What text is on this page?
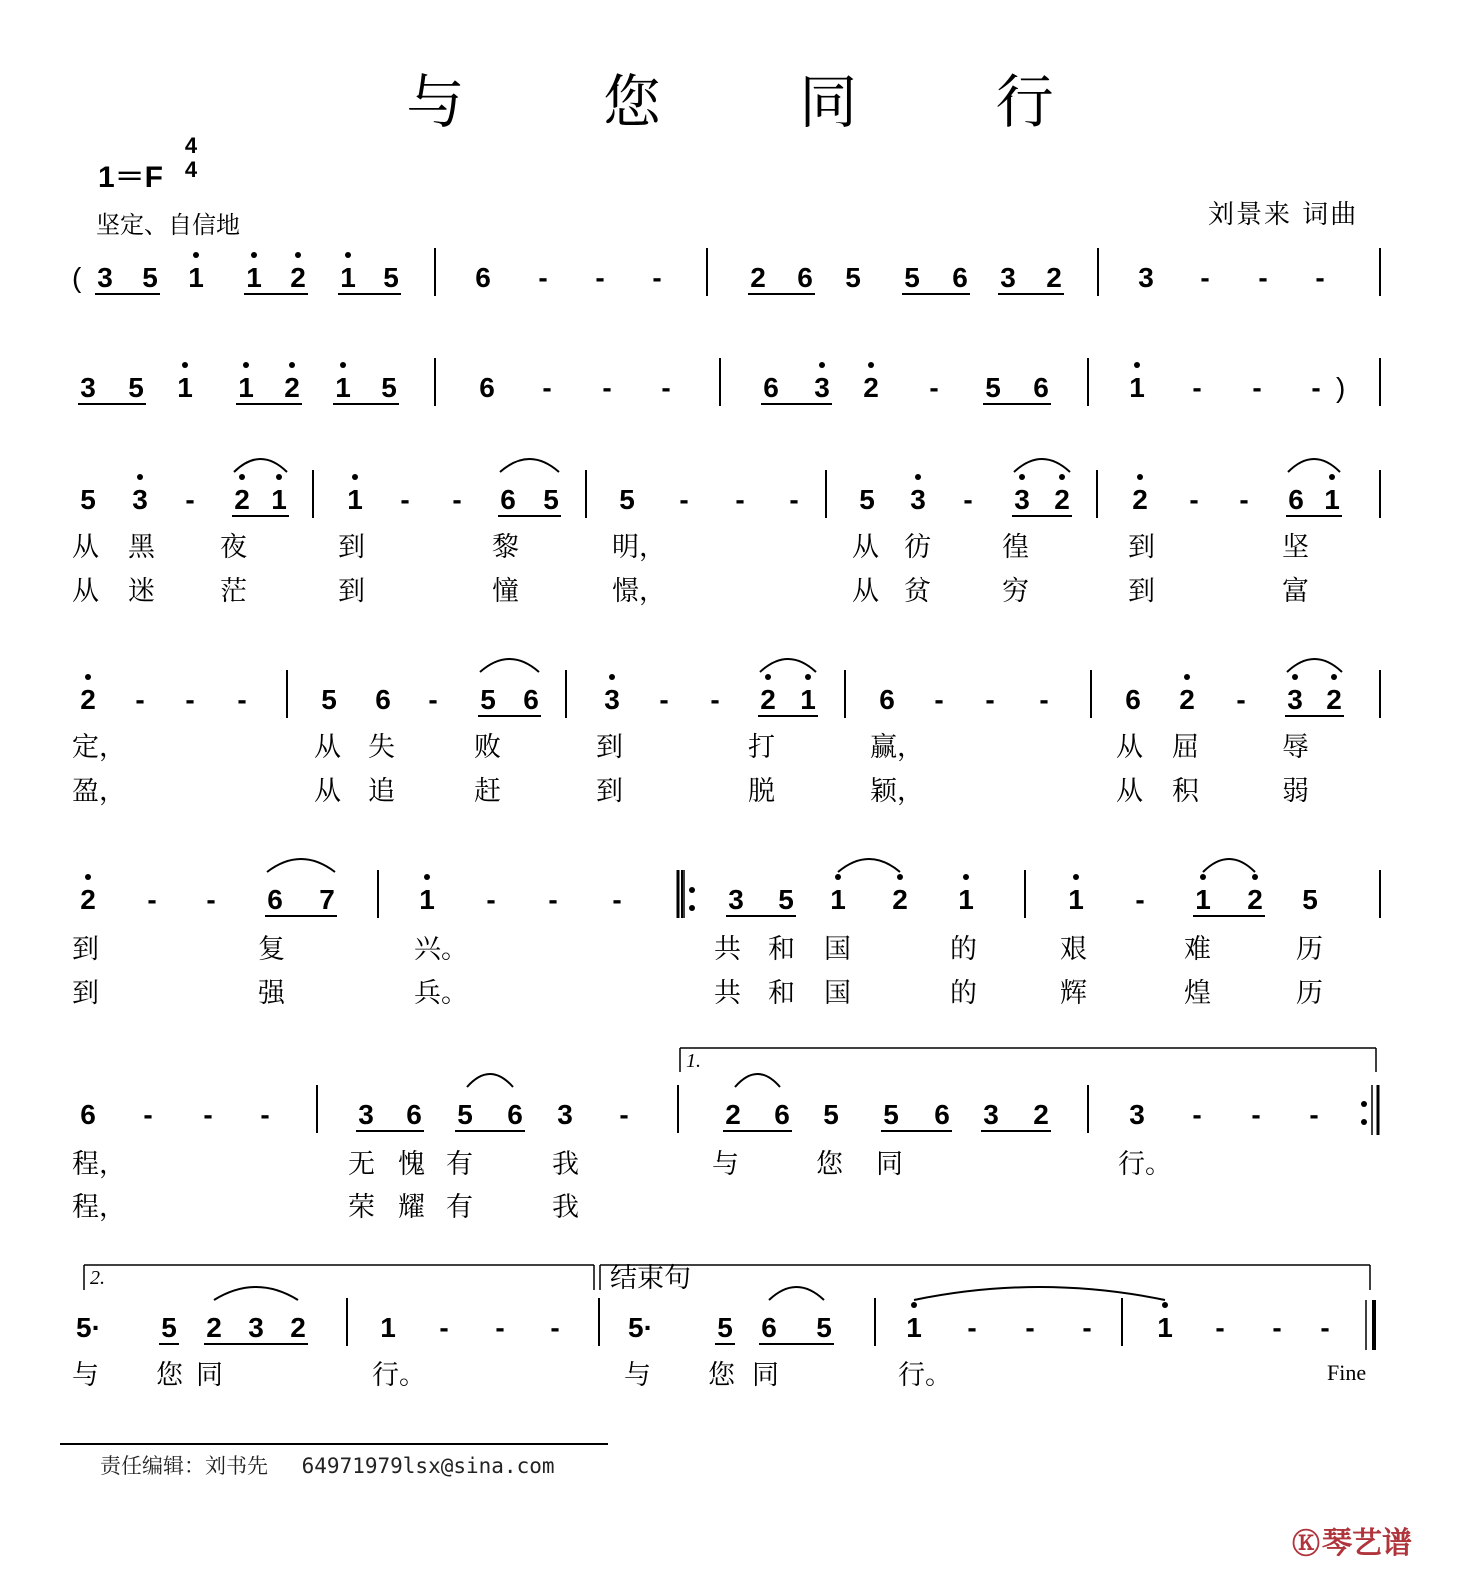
与 您 同 行
1＝F
4
4
坚定、自信地	刘景来 词曲
3 5 1 1 2 1 5	6 - - -	2 6 5 5 6 3 2	3 - - -
3 5 1 1 2 1 5	6 - - -	6 3 2 - 5 6	1 - - -
5 3 - 2 1 1 - - 6 5 5 - - - 5 3 - 3 2 2 - - 6 1
2 - - -	5 6 - 5 6 3 - - 2 1 6 - - -	6 2 - 3 2
2 - - 6 7	1 - - -	3 5 1 2 1	1 - 1 2 5
6 - - -	3 6 5 6 3 -	2 6 5 5 6 3 2	3 - - -
5· 5 2 3 2	1 - - - 5· 5 6 5	1 - - - 1 - - -
(
)
1.
2.	结束句
从 黑 夜	到	黎	明，	从 彷	徨	到	坚
从 迷 茫	到	憧	憬，	从 贫	穷	到	富
定，	从 失	败	到	打	赢，	从 屈	辱
盈，	从 追	赶	到	脱	颖，	从 积	弱
到	复	兴。	共 和 国	的	艰	难	历
到	强	兵。	共 和 国	的	辉	煌	历
程，	无 愧 有	我	与	您 同	行。
程，	荣 耀 有	我
与 您 同	行。	与 您 同	行。	Fine
责任编辑：刘书先　 64971979lsx@sina.com
Ⓚ琴艺谱
